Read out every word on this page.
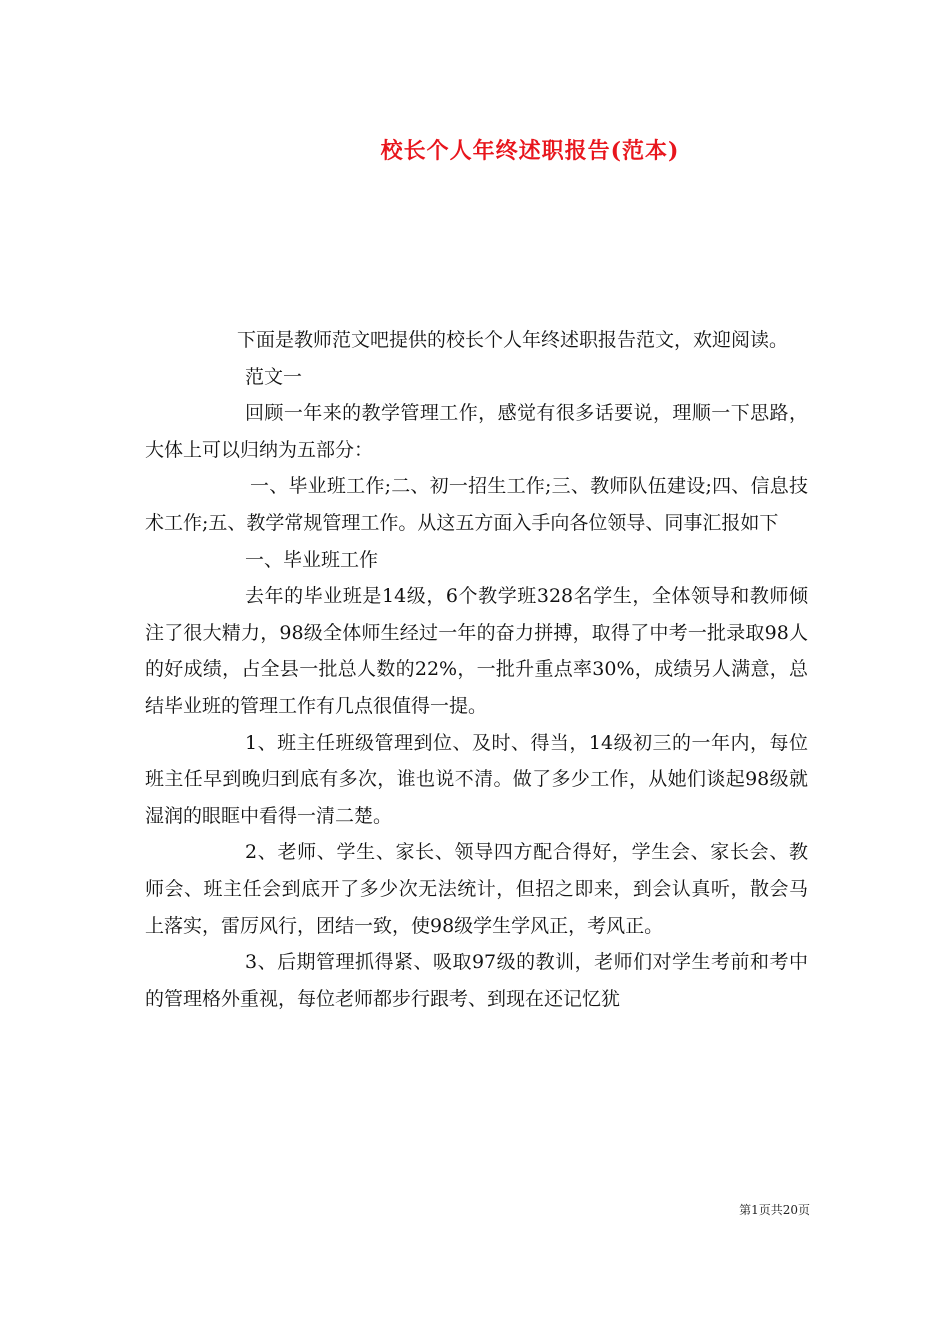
校长个人年终述职报告(范本)

下面是教师范文吧提供的校长个人年终述职报告范文，欢迎阅读。

范文一

回顾一年来的教学管理工作，感觉有很多话要说，理顺一下思路，大体上可以归纳为五部分：

一、毕业班工作;二、初一招生工作;三、教师队伍建设;四、信息技术工作;五、教学常规管理工作。从这五方面入手向各位领导、同事汇报如下

一、毕业班工作

去年的毕业班是14级，6个教学班328名学生，全体领导和教师倾注了很大精力，98级全体师生经过一年的奋力拼搏，取得了中考一批录取98人的好成绩，占全县一批总人数的22%，一批升重点率30%，成绩另人满意，总结毕业班的管理工作有几点很值得一提。

1、班主任班级管理到位、及时、得当，14级初三的一年内，每位班主任早到晚归到底有多次，谁也说不清。做了多少工作，从她们谈起98级就湿润的眼眶中看得一清二楚。

2、老师、学生、家长、领导四方配合得好，学生会、家长会、教师会、班主任会到底开了多少次无法统计，但招之即来，到会认真听，散会马上落实，雷厉风行，团结一致，使98级学生学风正，考风正。

3、后期管理抓得紧、吸取97级的教训，老师们对学生考前和考中的管理格外重视，每位老师都步行跟考、到现在还记忆犹

第1页共20页
